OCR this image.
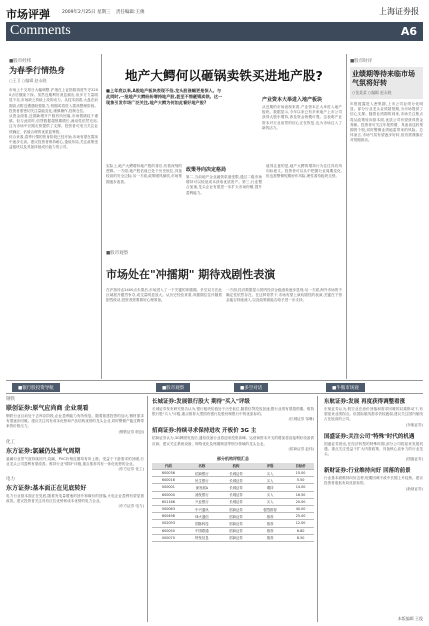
市场评弹	2009年2月25日 星期三 责任编辑:王俊	上海证券报
Comments	A6
■股市经纬
为春季行情热身
○王卫 ○编辑 赵永晓

市场上个交易日大幅调整,沪指在上证指数再度失守2200点后继续下探。虽然近期利好消息频出,但多方力量明显不足,市场缺乏持续上攻的动力。从技术面看,大盘在前期高点附近遭遇较强阻力,短期或将进入震荡整理阶段。投资者需密切关注量能变化,谨慎操作,控制仓位。

从资金面看,近期新增开户数有所回落,市场情绪趋于谨慎。但与此同时,信贷数据超预期增长,流动性依然充裕,这为市场中长期走势提供了支撑。投资者可适当关注业绩确定、估值合理的优质蓝筹股。

综合来看,春季行情的热身阶段已经开始,市场有望在震荡中逐步走高。建议投资者保持耐心,逢低布局,关注政策受益板块以及具备持续成长能力的公司。

地产大鳄何以砸锅卖铁买进地产股?

■上年底以来,A股地产板块表现不俗,龙头股涨幅更是惊人。与此同时,一批地产大鳄纷纷增持地产股,甚至不惜砸锅卖铁。这一现象引发市场广泛关注,地产大鳄为何如此看好地产股?

实际上,地产大鳄增持地产股的背后,有着深刻的逻辑。一方面,地产股估值已处于历史低位,具备较高的安全边际;另一方面,政策暖风频吹,市场预期逐步改善。

政策导向决定格局

第二,当前地产企业融资渠道受限,通过二级市场增持可以较低成本获取优质资产。第三,行业整合加速,龙头企业有望进一步扩大市场份额,提升盈利能力。

值得注意的是,地产大鳄的增持行为往往具有风向标意义。投资者可以从中把握行业周期变化,但也需警惕短期炒作风险,理性看待板块走势。

产业资本大举进入地产板块

从近期的市场表现来看,产业资本正大举进入地产板块。数据显示,今年以来已有多家地产上市公司获得大股东增持,涉及资金规模可观。这表明产业资本对行业前景的信心正在恢复,也为市场注入了新的活力。

■股市时评
业绩期等待来临市场气氛将好转
○张某某 ○编辑 赵永晓

年报披露进入密集期,上市公司业绩分化明显。部分行业龙头业绩超预期,为市场提供了信心支撑。随着业绩期的到来,市场关注焦点将从政策转向基本面,优质公司有望获得资金青睐。投资者可关注年报预增、具备高送转预期的个股,同时警惕业绩地雷带来的风险。总体而言,市场气氛有望逐步好转,但仍需谨慎应对短期波动。

■股市观察
市场处在"冲擂期" 期待戏剧性表演

在沪指冲击2400点未果后,市场进入了一个关键的冲擂期。多空双方在此区域展开激烈争夺,成交量明显放大。从历史经验来看,冲擂期往往伴随着剧烈波动,投资者需要做好心理准备。

一方面,经济数据显示国内经济企稳迹象逐步显现;另一方面,海外市场的不确定性依然存在。在这种背景下,市场有望上演戏剧性的表演,关键在于资金能否持续流入,以及政策面能否给予进一步支持。

■银行股投资导航	■股市观察	■多空对话	■牛熊市场观
钢铁
联创证券:原气应尚商 企业观看

钢铁行业目前处于去库存阶段,企业盈利能力有所恢复。随着基建投资的加大,钢材需求有望逐步回暖。建议关注具有成本优势和产品结构优势的龙头企业,同时警惕产能过剩带来的价格压力。

(钢铁证券 联创)
化工
东方证券:氯碱仍处景气周期

氯碱行业景气度持续回升,烧碱、PVC价格近期均有所上涨。受益于下游需求的回暖,行业龙头公司盈利有望改善。维持行业"增持"评级,重点推荐具有一体化优势的企业。

(东方证券 化工)
电力
东方证券:基本面正在见底转好

电力行业基本面正在见底,随着发电量增速的回升和煤价的回落,火电企业盈利有望显著改善。建议投资者关注具有区位优势和成本优势的电力企业。

(东方证券 电力)
长城证券:发展银行股大 期待"买入"评级

长城证券发布研究报告认为,银行板块估值处于历史低位,随着信贷投放加速,银行业绩有望超预期。维持银行股"买入"评级,重点推荐大型国有银行及股份制银行中的优质标的。

(长城证券 邹琳)
招商证券:持续寻求保持进攻 开板价 3G 主

招商证券认为,3G牌照发放后,通信设备行业将迎来投资高峰。运营商资本开支的增加将直接利好设备供应商。建议关注系统设备、网络优化及终端制造等细分领域的龙头企业。

(招商证券 赵伟)
部分机构评级汇总
代码	名称	机构	评级	目标价
600036	招商银行	长城证券	买入	15.00
600016	民生银行	长城证券	买入	5.50
000001	深发展A	长城证券	增持	14.00
600000	浦发银行	长城证券	买入	16.50
601166	兴业银行	长城证券	买入	20.00
000063	中兴通讯	招商证券	强烈推荐	40.00
600498	烽火通信	招商证券	推荐	25.00
002093	国脉科技	招商证券	推荐	12.00
600050	中国联通	招商证券	推荐	6.80
000070	特发信息	招商证券	推荐	8.50
东航证券:发展 再度获得调整看涨

东航证券认为,航空业在油价回落和需求回暖的双重推动下,有望迎来业绩拐点。但国际航线需求仍较疲弱,建议关注国内航线占比较高的公司。

(东航证券)
国盛证券:关注公司"特殊"时代的机遇

国盛证券指出,在经济转型的特殊时期,部分公司将迎来发展机遇。重点关注受益于扩大内需政策、具备核心竞争力的行业龙头。

(国盛证券)
新财证券:行业维持向好 回落的前景

行业基本面维持向好态势,短期回调不改中长期上升趋势。建议投资者逢低布局优质标的。

(新财证券)
本版编辑 王俊
